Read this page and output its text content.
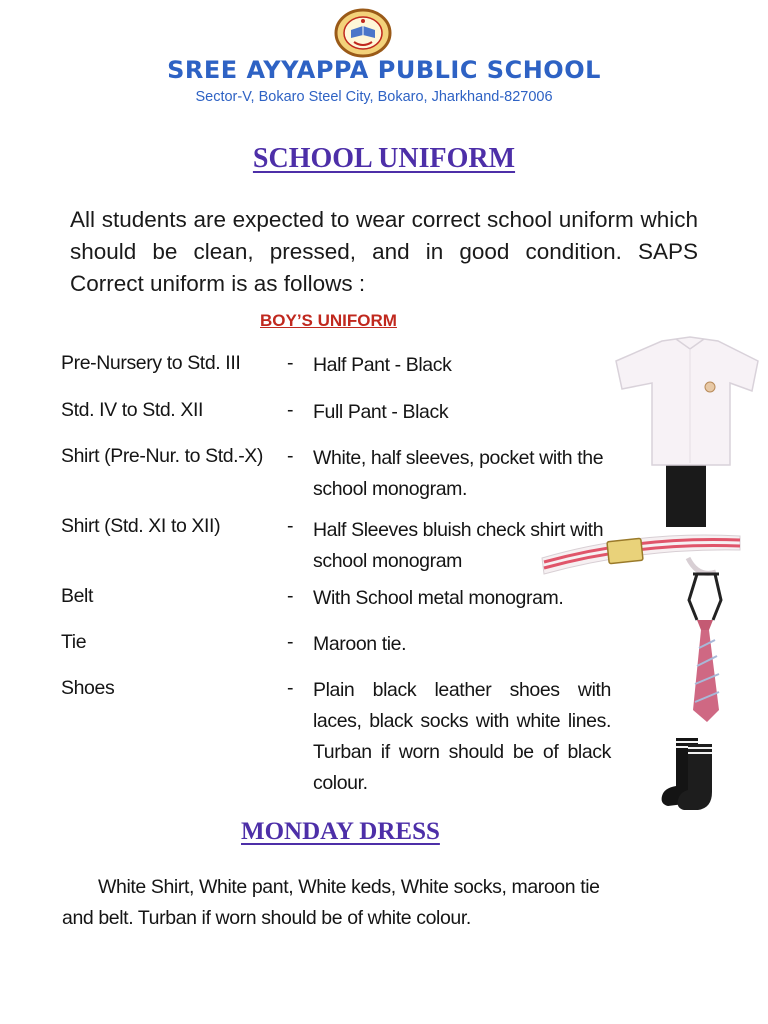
SREE AYYAPPA PUBLIC SCHOOL
Sector-V, Bokaro Steel City, Bokaro, Jharkhand-827006
SCHOOL UNIFORM
All students are expected to wear correct school uniform which should be clean, pressed, and in good condition. SAPS Correct uniform is as follows :
BOY’S UNIFORM
Pre-Nursery to Std. III - Half Pant - Black
Std. IV to Std. XII	- Full Pant - Black
Shirt (Pre-Nur. to Std.-X) - White, half sleeves, pocket with the school monogram.
Shirt (Std. XI to XII)	- Half Sleeves bluish check shirt with school monogram
Belt	- With School metal monogram.
Tie	- Maroon tie.
Shoes	- Plain black leather shoes with laces, black socks with white lines. Turban if worn should be of black colour.
MONDAY DRESS
White Shirt, White pant, White keds, White socks, maroon tie and belt. Turban if worn should be of white colour.
